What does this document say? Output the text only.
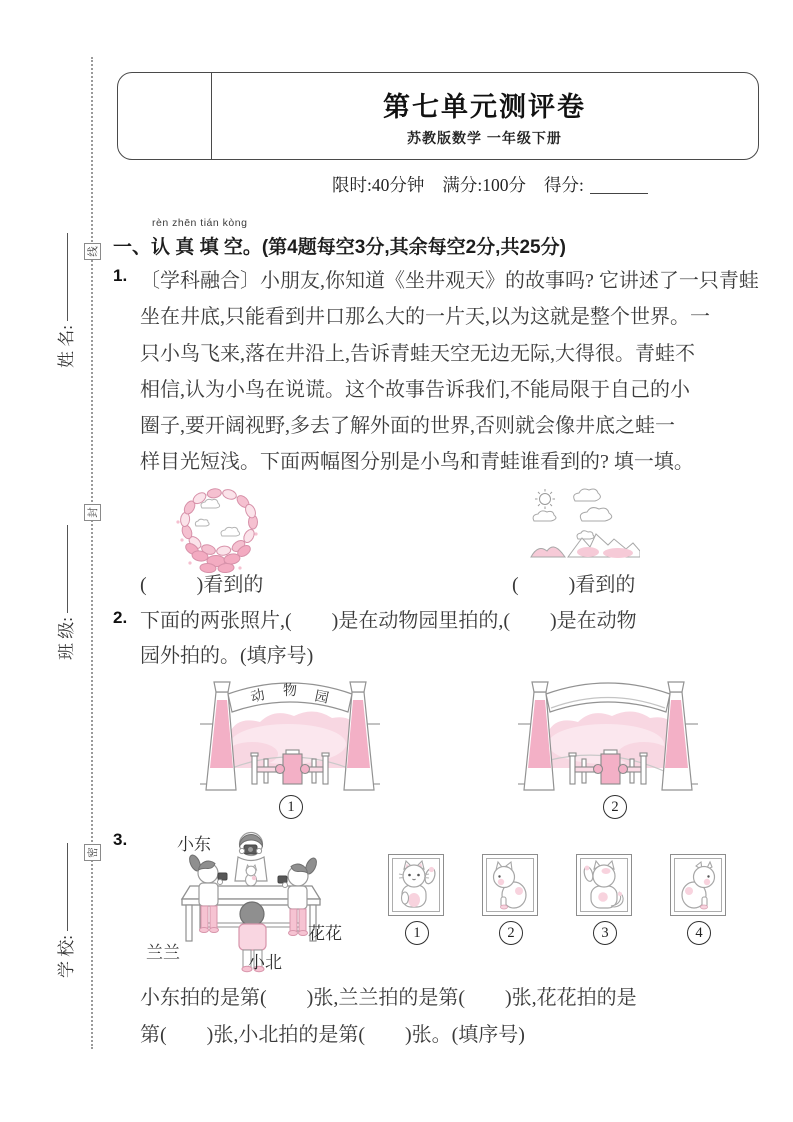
姓 名:
班 级:
学 校:
线
封
密
第七单元测评卷
苏教版数学 一年级下册
限时:40分钟 满分:100分 得分:
一、
rèn zhēn tián kòng
认 真 填 空。(第4题每空3分,其余每空2分,共25分)
1. 〔学科融合〕小朋友,你知道《坐井观天》的故事吗? 它讲述了一只青蛙
坐在井底,只能看到井口那么大的一片天,以为这就是整个世界。一
只小鸟飞来,落在井沿上,告诉青蛙天空无边无际,大得很。青蛙不
相信,认为小鸟在说谎。这个故事告诉我们,不能局限于自己的小
圈子,要开阔视野,多去了解外面的世界,否则就会像井底之蛙一
样目光短浅。下面两幅图分别是小鸟和青蛙谁看到的? 填一填。
(          )看到的	(          )看到的
2. 下面的两张照片,(        )是在动物园里拍的,(        )是在动物
园外拍的。(填序号)
动 物 园
1	2
3.	小东
兰兰
小北
花花	1	2	3	4
小东拍的是第(        )张,兰兰拍的是第(        )张,花花拍的是
第(        )张,小北拍的是第(        )张。(填序号)
